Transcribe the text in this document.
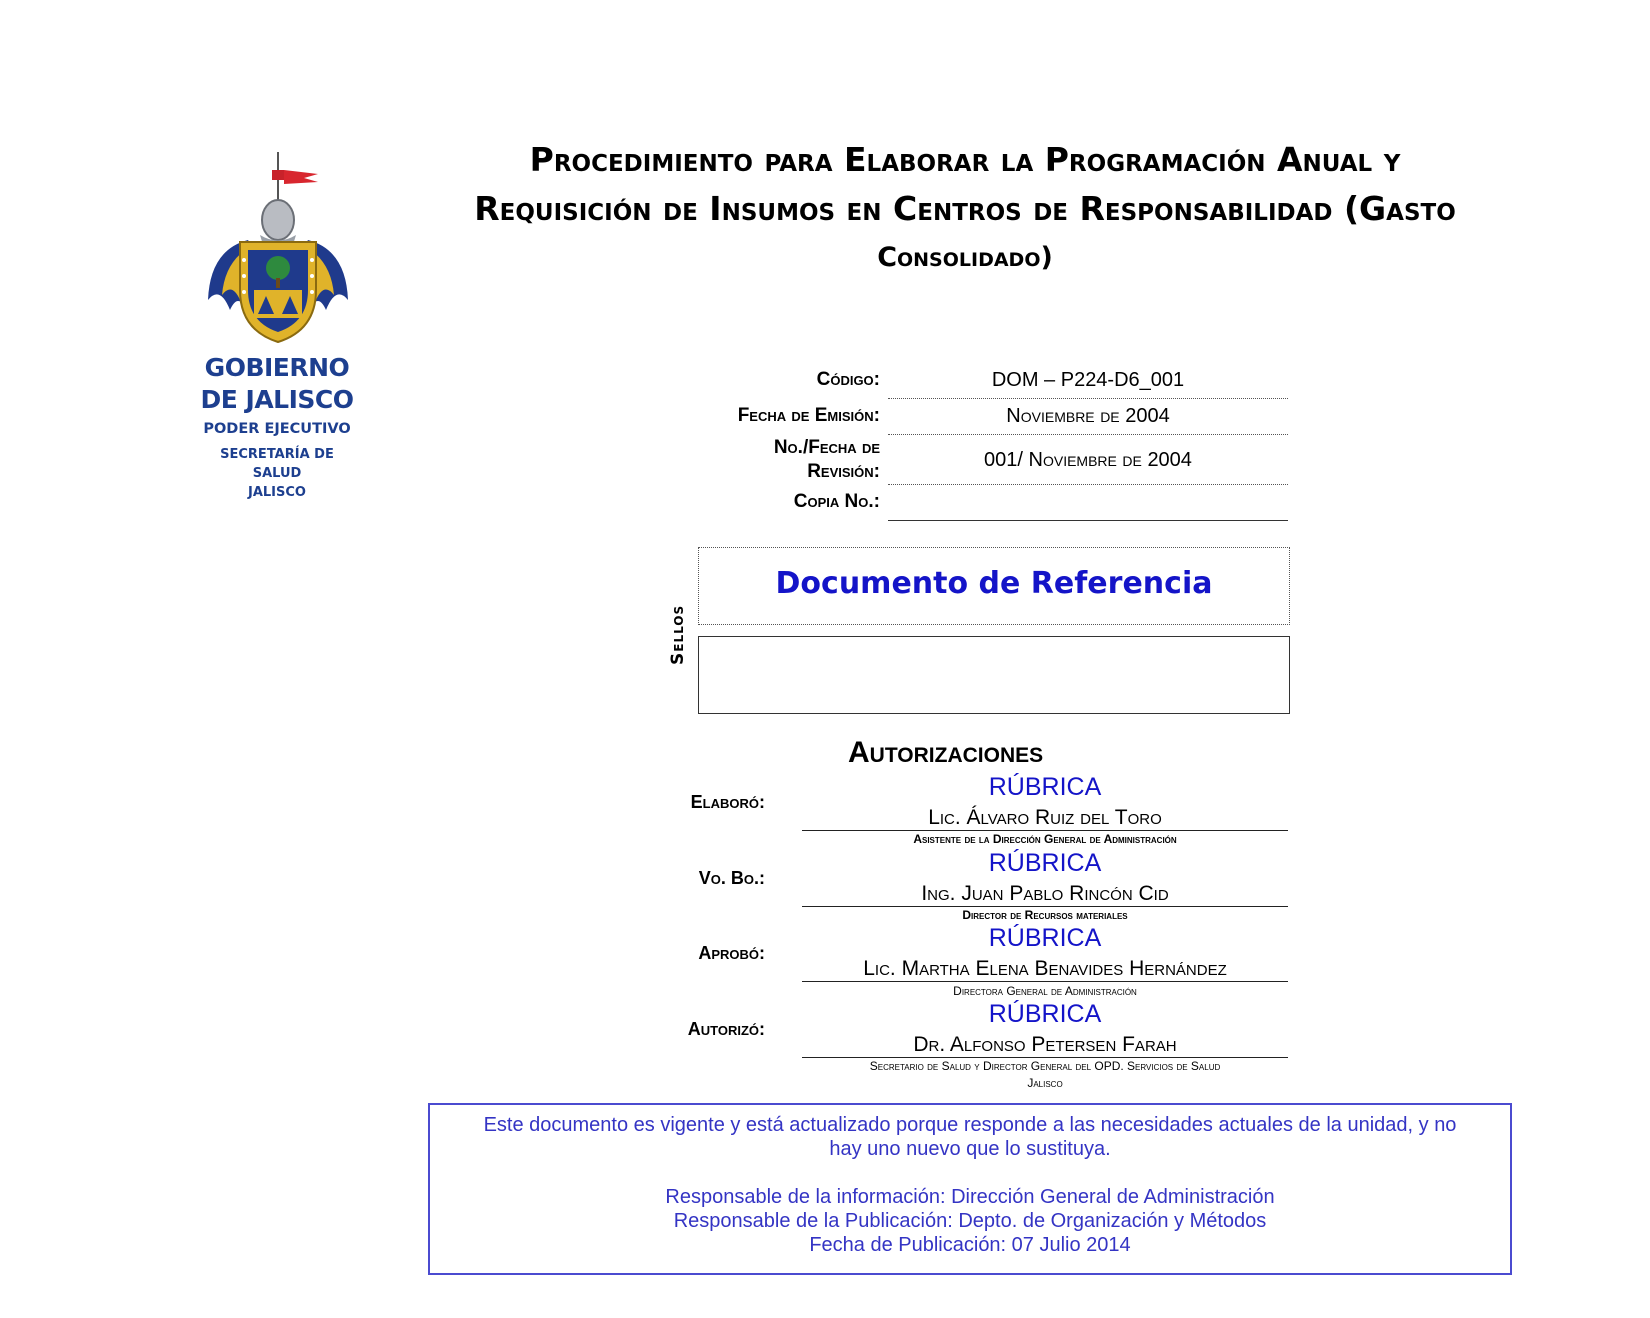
Procedimiento para Elaborar la Programación Anual y
Requisición de Insumos en Centros de Responsabilidad (Gasto
Consolidado)
GOBIERNO
DE JALISCO
PODER EJECUTIVO
SECRETARÍA DE
SALUD
JALISCO
Código:	DOM – P224-D6_001
Fecha de Emisión:	Noviembre de 2004
No./Fecha de
Revisión:
001/ Noviembre de 2004
Copia No.:
Sellos
Documento de Referencia
Autorizaciones
Elaboró:
RÚBRICA
Lic. Álvaro Ruiz del Toro
Asistente de la Dirección General de Administración
Vo. Bo.:
RÚBRICA
Ing. Juan Pablo Rincón Cid
Director de Recursos materiales
Aprobó:
RÚBRICA
Lic. Martha Elena Benavides Hernández
Directora General de Administración
Autorizó:
RÚBRICA
Dr. Alfonso Petersen Farah
Secretario de Salud y Director General del OPD. Servicios de Salud
Jalisco
Este documento es vigente y está actualizado porque responde a las necesidades actuales de la unidad, y no
hay uno nuevo que lo sustituya.
Responsable de la información: Dirección General de Administración
Responsable de la Publicación: Depto. de Organización y Métodos
Fecha de Publicación: 07 Julio 2014
